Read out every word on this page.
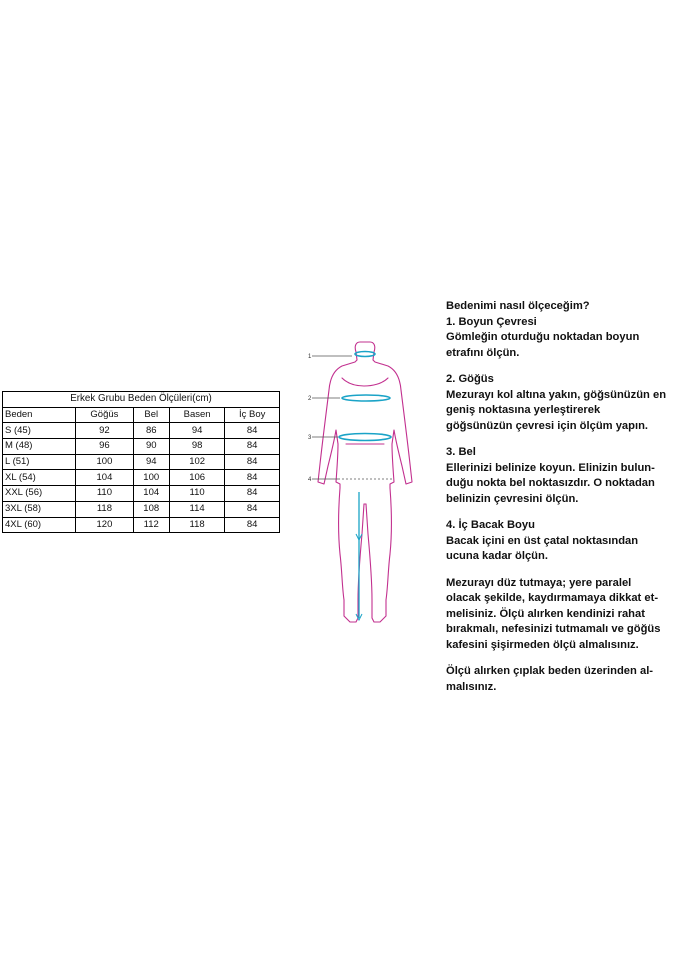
Erkek Grubu Beden Ölçüleri(cm)				
Beden	Göğüs	Bel	Basen	İç Boy
S (45)	92	86	94	84
M (48)	96	90	98	84
L (51)	100	94	102	84
XL (54)	104	100	106	84
XXL (56)	110	104	110	84
3XL (58)	118	108	114	84
4XL (60)	120	112	118	84
1
2
3
4

Bedenimi nasıl ölçeceğim?

1. Boyun Çevresi

Gömleğin oturduğu noktadan boyun
etrafını ölçün.

2. Göğüs

Mezurayı kol altına yakın, göğsünüzün en
geniş noktasına yerleştirerek
göğsünüzün çevresi için ölçüm yapın.

3. Bel

Ellerinizi belinize koyun. Elinizin bulun-
duğu nokta bel noktasızdır. O noktadan
belinizin çevresini ölçün.

4. İç Bacak Boyu

Bacak içini en üst çatal noktasından
ucuna kadar ölçün.

Mezurayı düz tutmaya; yere paralel
olacak şekilde, kaydırmamaya dikkat et-
melisiniz. Ölçü alırken kendinizi rahat
bırakmalı, nefesinizi tutmamalı ve göğüs
kafesini şişirmeden ölçü almalısınız.

Ölçü alırken çıplak beden üzerinden al-
malısınız.
